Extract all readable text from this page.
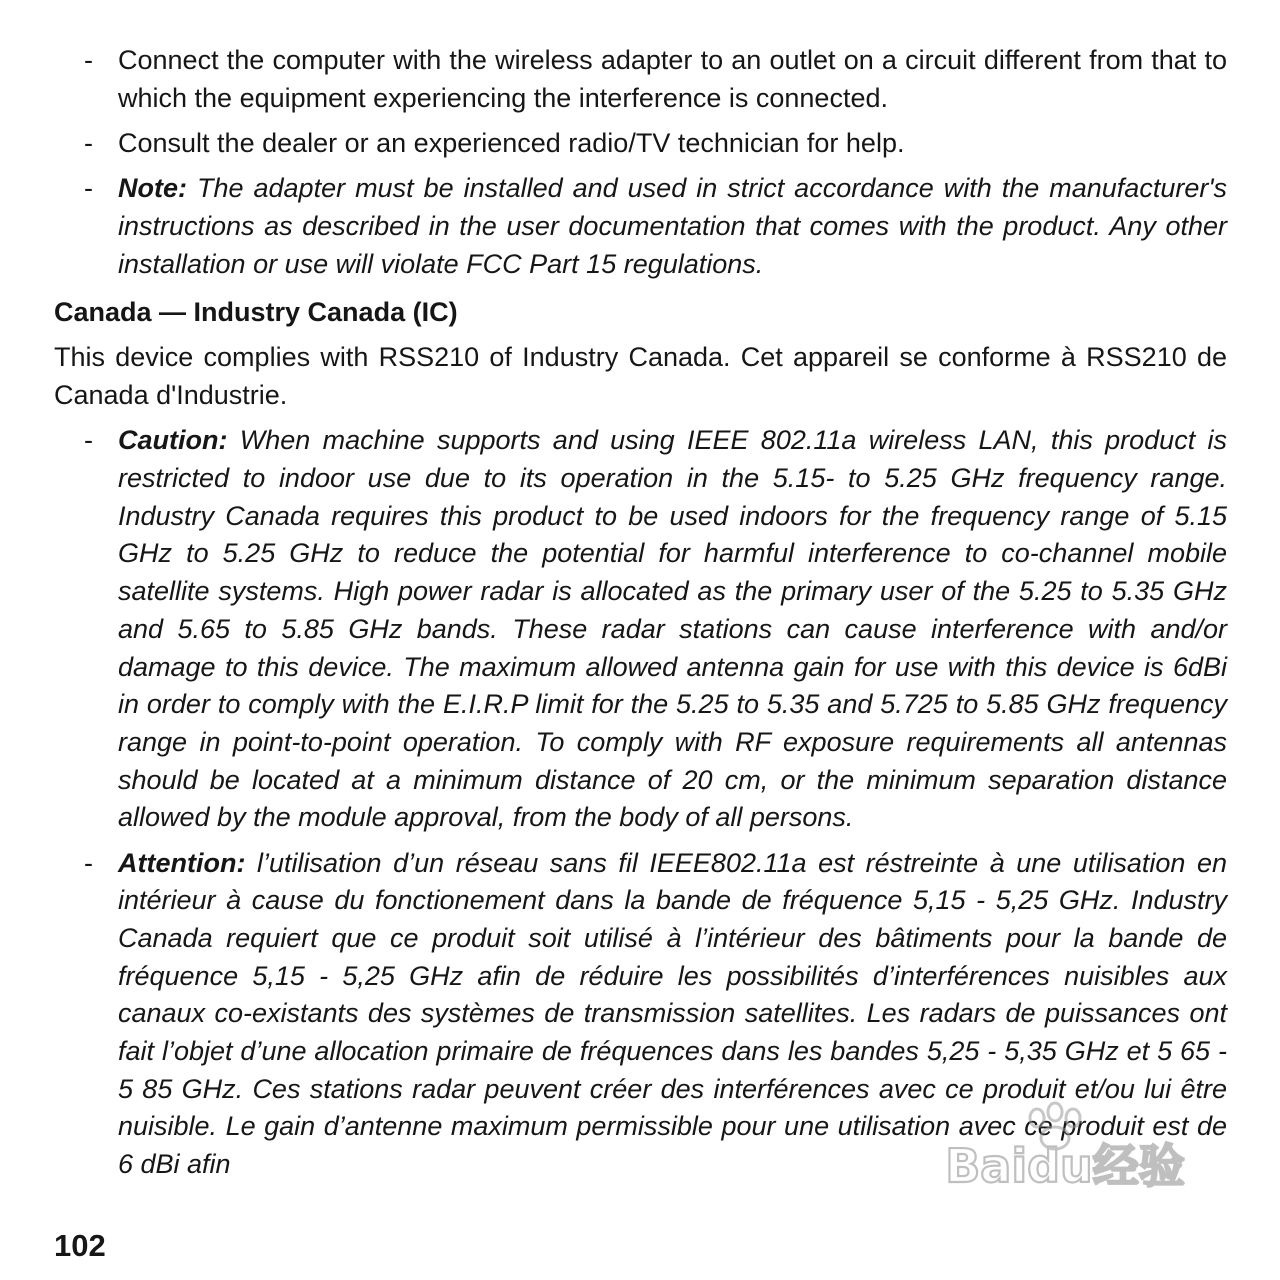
- Connect the computer with the wireless adapter to an outlet on a circuit different from that to which the equipment experiencing the interference is connected.
- Consult the dealer or an experienced radio/TV technician for help.
- Note: The adapter must be installed and used in strict accordance with the manufacturer's instructions as described in the user documentation that comes with the product. Any other installation or use will violate FCC Part 15 regulations.
Canada — Industry Canada (IC)
This device complies with RSS210 of Industry Canada. Cet appareil se conforme à RSS210 de Canada d'Industrie.
- Caution: When machine supports and using IEEE 802.11a wireless LAN, this product is restricted to indoor use due to its operation in the 5.15- to 5.25 GHz frequency range. Industry Canada requires this product to be used indoors for the frequency range of 5.15 GHz to 5.25 GHz to reduce the potential for harmful interference to co-channel mobile satellite systems. High power radar is allocated as the primary user of the 5.25 to 5.35 GHz and 5.65 to 5.85 GHz bands. These radar stations can cause interference with and/or damage to this device. The maximum allowed antenna gain for use with this device is 6dBi in order to comply with the E.I.R.P limit for the 5.25 to 5.35 and 5.725 to 5.85 GHz frequency range in point-to-point operation. To comply with RF exposure requirements all antennas should be located at a minimum distance of 20 cm, or the minimum separation distance allowed by the module approval, from the body of all persons.
- Attention: l’utilisation d’un réseau sans fil IEEE802.11a est réstreinte à une utilisation en intérieur à cause du fonctionement dans la bande de fréquence 5,15 - 5,25 GHz. Industry Canada requiert que ce produit soit utilisé à l’intérieur des bâtiments pour la bande de fréquence 5,15 - 5,25 GHz afin de réduire les possibilités d’interférences nuisibles aux canaux co-existants des systèmes de transmission satellites. Les radars de puissances ont fait l’objet d’une allocation primaire de fréquences dans les bandes 5,25 - 5,35 GHz et 5 65 - 5 85 GHz. Ces stations radar peuvent créer des interférences avec ce produit et/ou lui être nuisible. Le gain d’antenne maximum permissible pour une utilisation avec ce produit est de 6 dBi afin
102
Baidu经验
